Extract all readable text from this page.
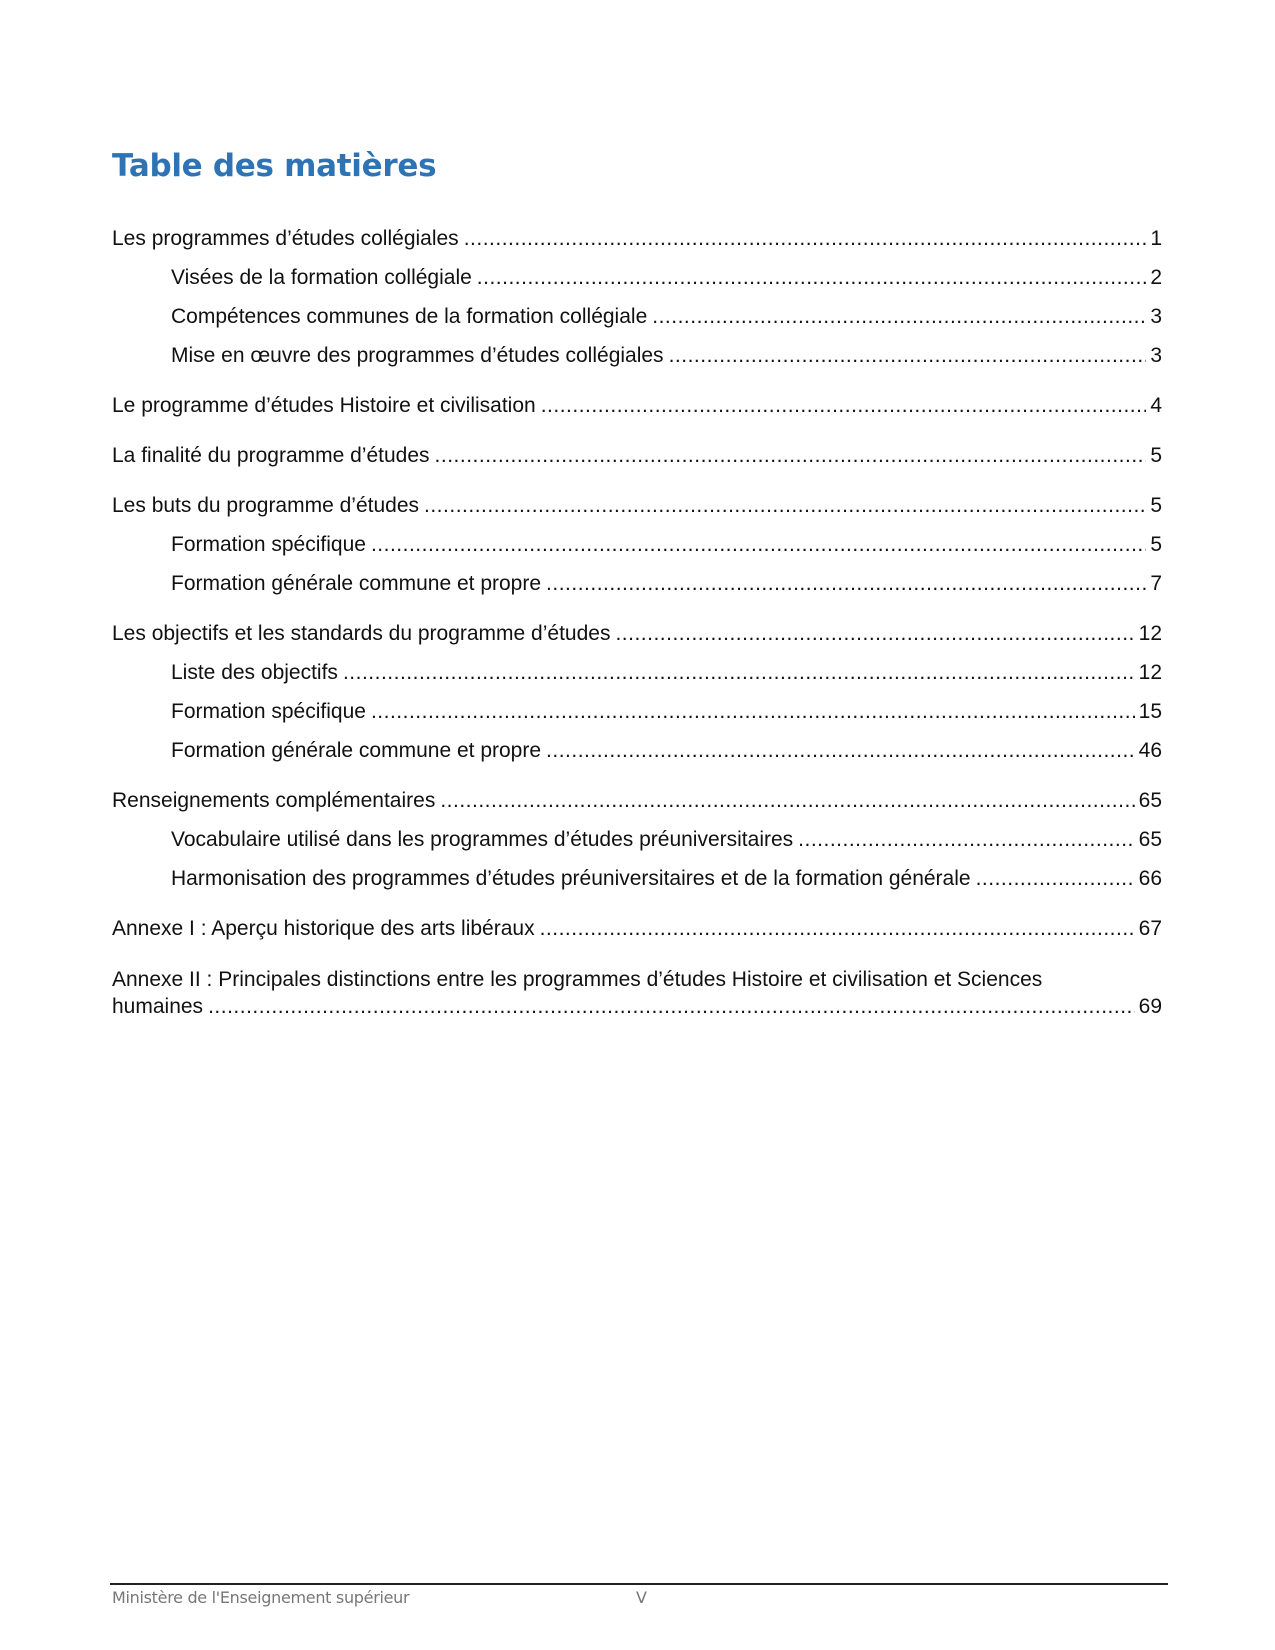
Table des matières
Les programmes d’études collégiales .....	1
Visées de la formation collégiale .....	2
Compétences communes de la formation collégiale .....	3
Mise en œuvre des programmes d’études collégiales .....	3
Le programme d’études Histoire et civilisation .....	4
La finalité du programme d’études .....	5
Les buts du programme d’études .....	5
Formation spécifique .....	5
Formation générale commune et propre .....	7
Les objectifs et les standards du programme d’études .....	12
Liste des objectifs .....	12
Formation spécifique .....	15
Formation générale commune et propre .....	46
Renseignements complémentaires .....	65
Vocabulaire utilisé dans les programmes d’études préuniversitaires .....	65
Harmonisation des programmes d’études préuniversitaires et de la formation générale .....	66
Annexe I : Aperçu historique des arts libéraux .....	67
Annexe II : Principales distinctions entre les programmes d’études Histoire et civilisation et Sciences
humaines .....	69
Ministère de l'Enseignement supérieur	V
